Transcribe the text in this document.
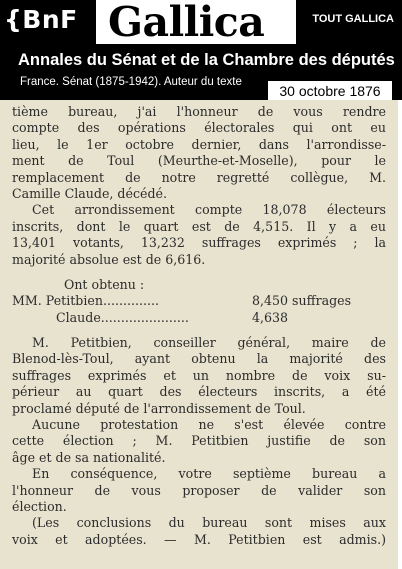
{BnF Gallica	TOUT GALLICA
Annales du Sénat et de la Chambre des députés
France. Sénat (1875-1942). Auteur du texte
30 octobre 1876
tième bureau, j'ai l'honneur de vous rendre
compte des opérations électorales qui ont eu
lieu, le 1er octobre dernier, dans l'arrondisse-
ment de Toul (Meurthe-et-Moselle), pour le
remplacement de notre regretté collègue, M.
Camille Claude, décédé.
Cet arrondissement compte 18,078 électeurs
inscrits, dont le quart est de 4,515. Il y a eu
13,401 votants, 13,232 suffrages exprimés ; la
majorité absolue est de 6,616.
Ont obtenu :
MM. Petitbien..............	8,450 suffrages
Claude......................	4,638
M. Petitbien, conseiller général, maire de
Blenod-lès-Toul, ayant obtenu la majorité des
suffrages exprimés et un nombre de voix su-
périeur au quart des électeurs inscrits, a été
proclamé député de l'arrondissement de Toul.
Aucune protestation ne s'est élevée contre
cette élection ; M. Petitbien justifie de son
âge et de sa nationalité.
En conséquence, votre septième bureau a
l'honneur de vous proposer de valider son
élection.
(Les conclusions du bureau sont mises aux
voix et adoptées. — M. Petitbien est admis.)
